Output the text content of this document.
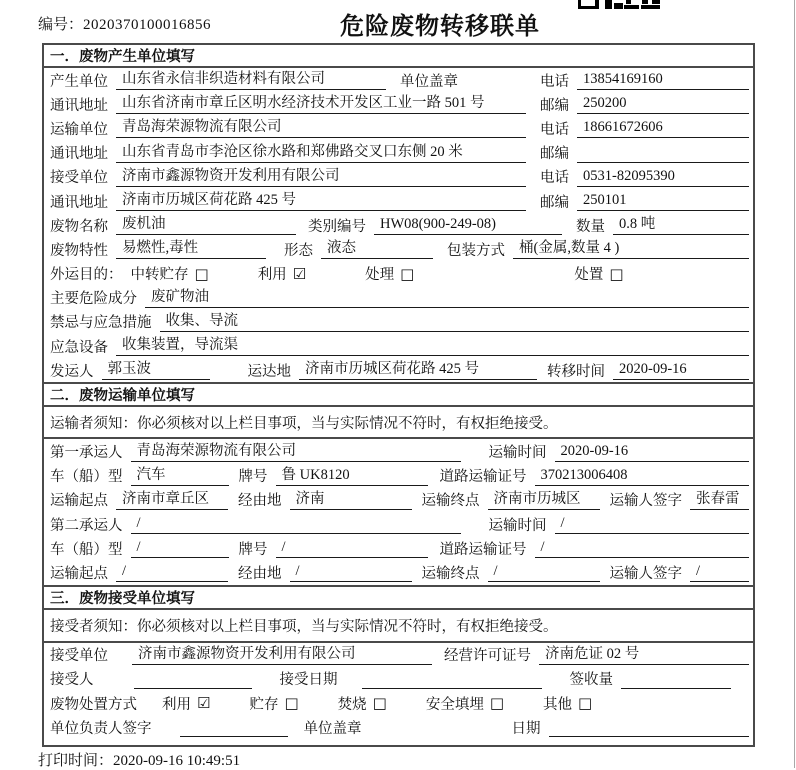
编号：2020370100016856	危险废物转移联单
一．废物产生单位填写
产生单位 山东省永信非织造材料有限公司	单位盖章	电话 13854169160
通讯地址 山东省济南市章丘区明水经济技术开发区工业一路 501 号	邮编 250200
运输单位 青岛海荣源物流有限公司	电话 18661672606
通讯地址 山东省青岛市李沧区徐水路和郑佛路交叉口东侧 20 米	邮编
接受单位 济南市鑫源物资开发利用有限公司	电话 0531-82095390
通讯地址 济南市历城区荷花路 425 号	邮编 250101
废物名称 废机油	类别编号 HW08(900-249-08)	数量 0.8 吨
废物特性 易燃性,毒性	形态 液态	包装方式 桶(金属,数量 4 )
外运目的： 中转贮存 □	利用 ☑	处理 □	处置 □
主要危险成分 废矿物油
禁忌与应急措施 收集、导流
应急设备 收集装置，导流渠
发运人 郭玉波	运达地 济南市历城区荷花路 425 号	转移时间 2020-09-16
二．废物运输单位填写
运输者须知：你必须核对以上栏目事项，当与实际情况不符时，有权拒绝接受。
第一承运人 青岛海荣源物流有限公司	运输时间 2020-09-16
车（船）型 汽车	牌号 鲁 UK8120	道路运输证号 370213006408
运输起点 济南市章丘区	经由地 济南	运输终点 济南市历城区	运输人签字 张春雷
第二承运人 /	运输时间 /
车（船）型 /	牌号 /	道路运输证号 /
运输起点 /	经由地 /	运输终点 /	运输人签字 /
三．废物接受单位填写
接受者须知：你必须核对以上栏目事项，当与实际情况不符时，有权拒绝接受。
接受单位	济南市鑫源物资开发利用有限公司	经营许可证号 济南危证 02 号
接受人	接受日期	签收量
废物处置方式 利用 ☑	贮存 □	焚烧 □	安全填埋 □	其他 □
单位负责人签字	单位盖章	日期
打印时间：2020-09-16 10:49:51
